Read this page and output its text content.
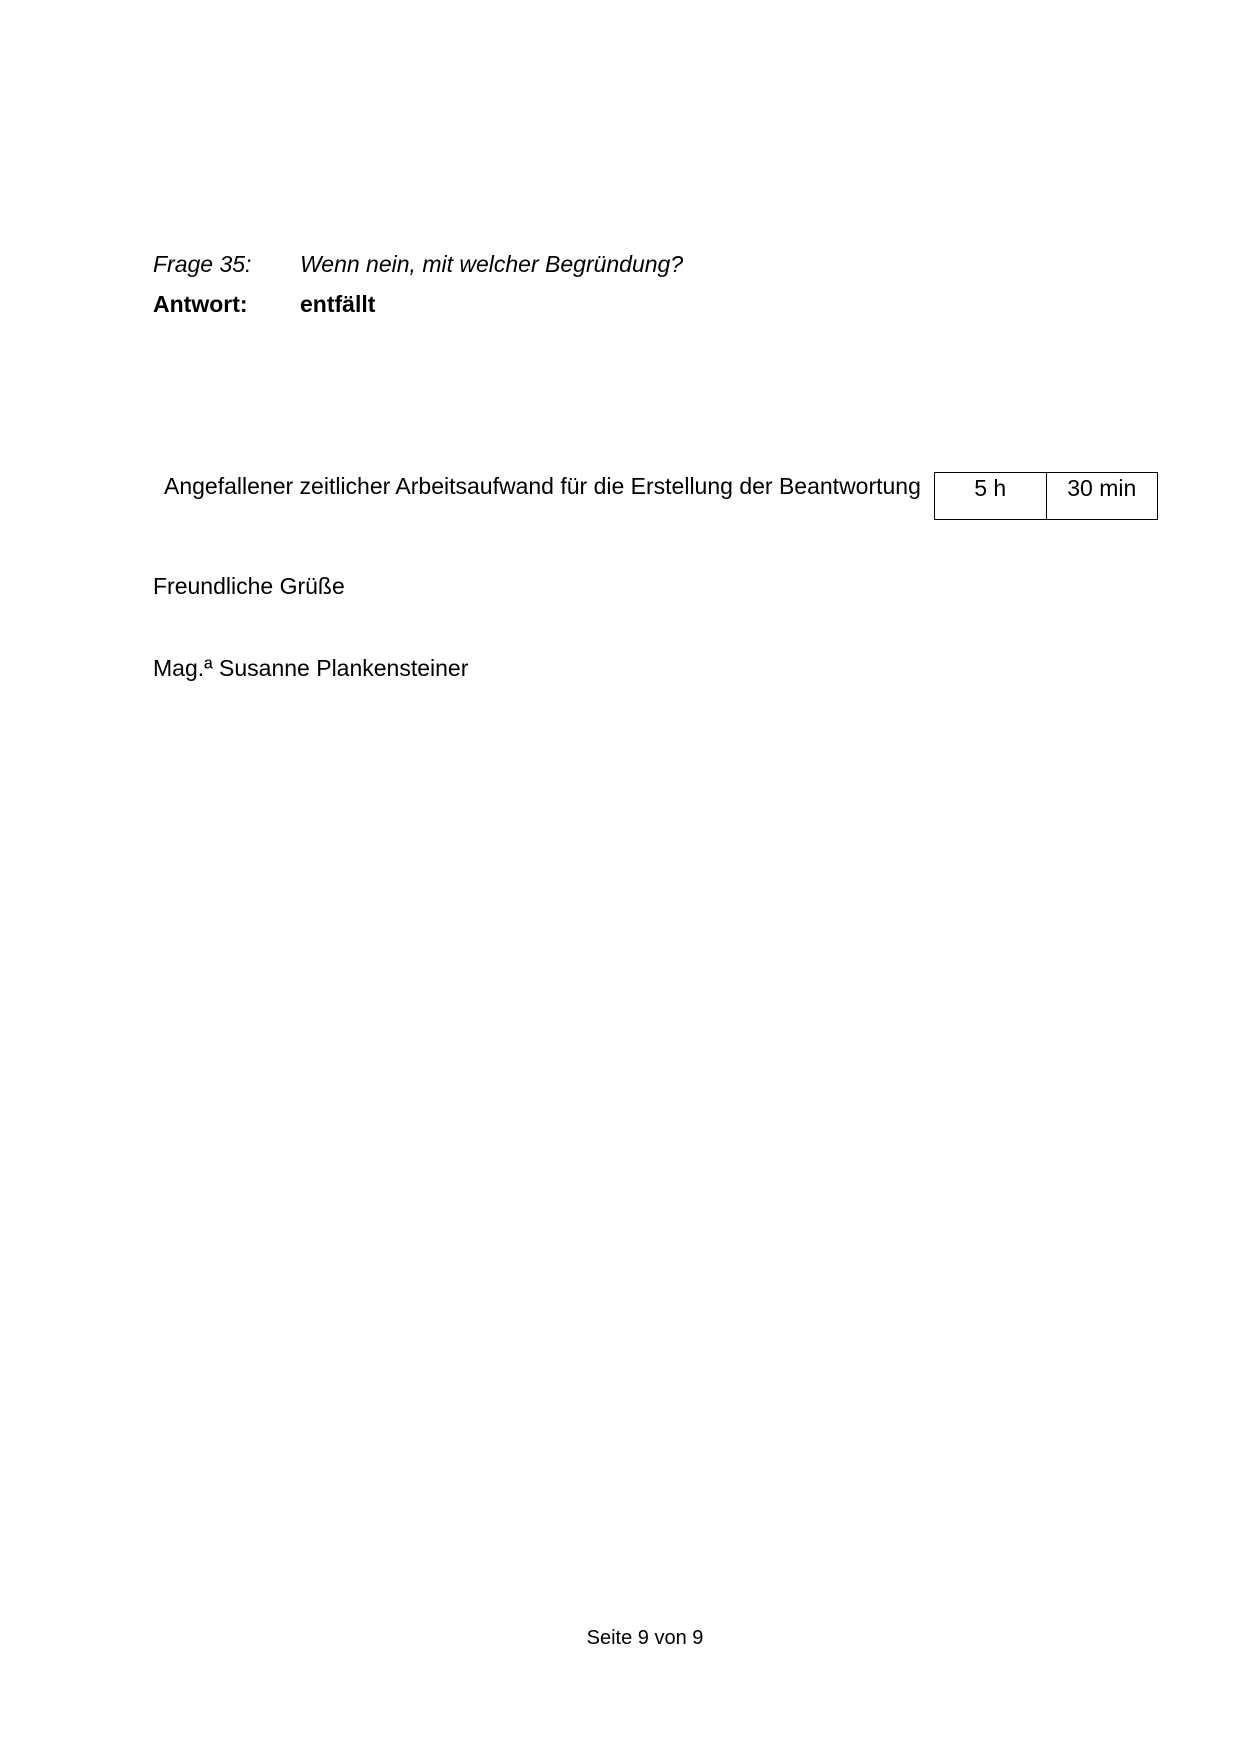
Frage 35: Wenn nein, mit welcher Begründung?
Antwort: entfällt
Angefallener zeitlicher Arbeitsaufwand für die Erstellung der Beantwortung	5 h	30 min
Freundliche Grüße
Mag.ª Susanne Plankensteiner
Seite 9 von 9
